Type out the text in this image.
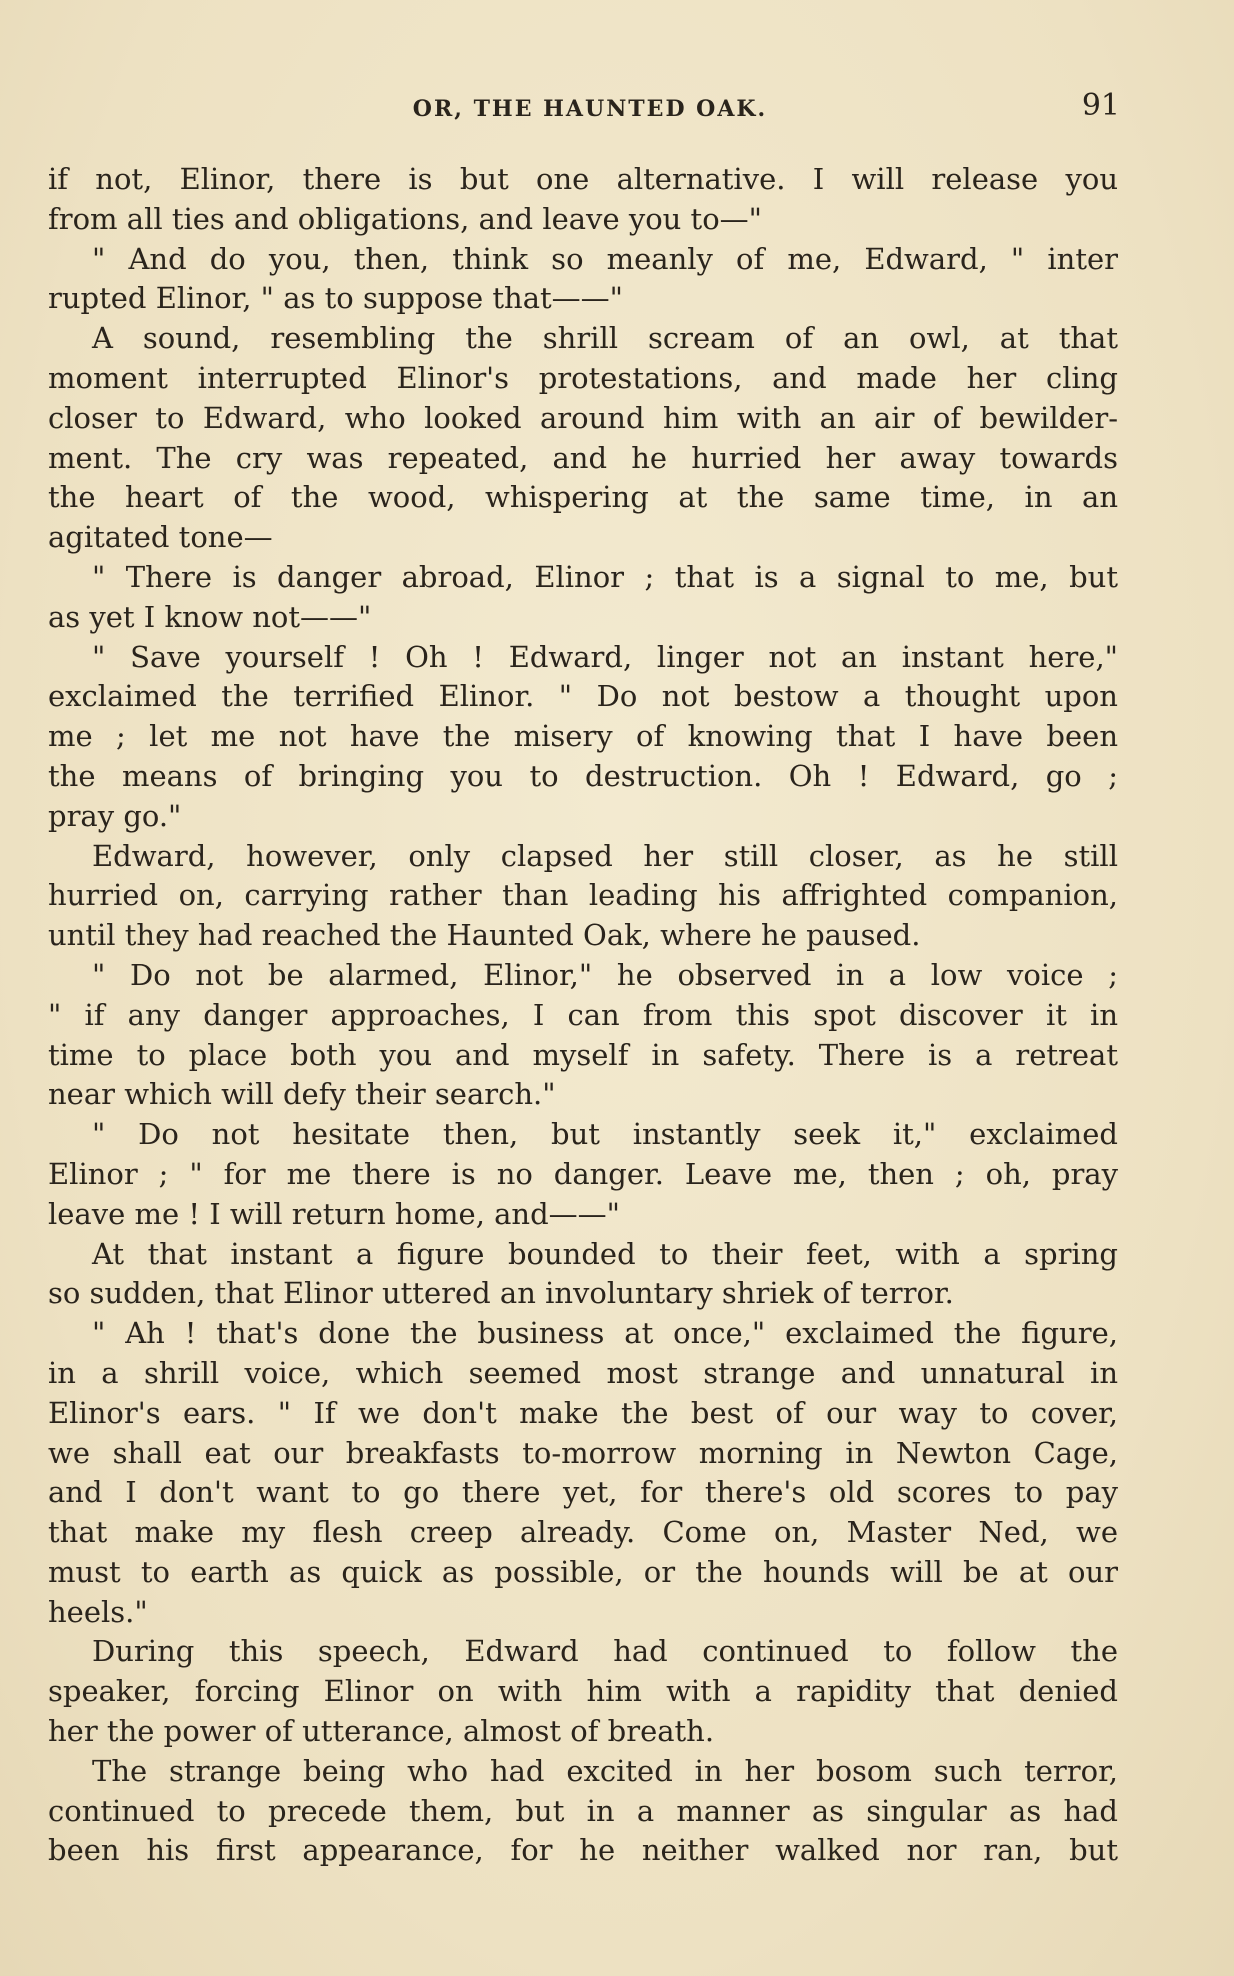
OR, THE HAUNTED OAK.	91
if not, Elinor, there is but one alternative. I will release you
from all ties and obligations, and leave you to—"
" And do you, then, think so meanly of me, Edward, " inter
rupted Elinor, " as to suppose that——"
A sound, resembling the shrill scream of an owl, at that
moment interrupted Elinor's protestations, and made her cling
closer to Edward, who looked around him with an air of bewilder-
ment. The cry was repeated, and he hurried her away towards
the heart of the wood, whispering at the same time, in an
agitated tone—
" There is danger abroad, Elinor ; that is a signal to me, but
as yet I know not——"
" Save yourself ! Oh ! Edward, linger not an instant here,"
exclaimed the terrified Elinor. " Do not bestow a thought upon
me ; let me not have the misery of knowing that I have been
the means of bringing you to destruction. Oh ! Edward, go ;
pray go."
Edward, however, only clapsed her still closer, as he still
hurried on, carrying rather than leading his affrighted companion,
until they had reached the Haunted Oak, where he paused.
" Do not be alarmed, Elinor," he observed in a low voice ;
" if any danger approaches, I can from this spot discover it in
time to place both you and myself in safety. There is a retreat
near which will defy their search."
" Do not hesitate then, but instantly seek it," exclaimed
Elinor ; " for me there is no danger. Leave me, then ; oh, pray
leave me ! I will return home, and——"
At that instant a figure bounded to their feet, with a spring
so sudden, that Elinor uttered an involuntary shriek of terror.
" Ah ! that's done the business at once," exclaimed the figure,
in a shrill voice, which seemed most strange and unnatural in
Elinor's ears. " If we don't make the best of our way to cover,
we shall eat our breakfasts to-morrow morning in Newton Cage,
and I don't want to go there yet, for there's old scores to pay
that make my flesh creep already. Come on, Master Ned, we
must to earth as quick as possible, or the hounds will be at our
heels."
During this speech, Edward had continued to follow the
speaker, forcing Elinor on with him with a rapidity that denied
her the power of utterance, almost of breath.
The strange being who had excited in her bosom such terror,
continued to precede them, but in a manner as singular as had
been his first appearance, for he neither walked nor ran, but
